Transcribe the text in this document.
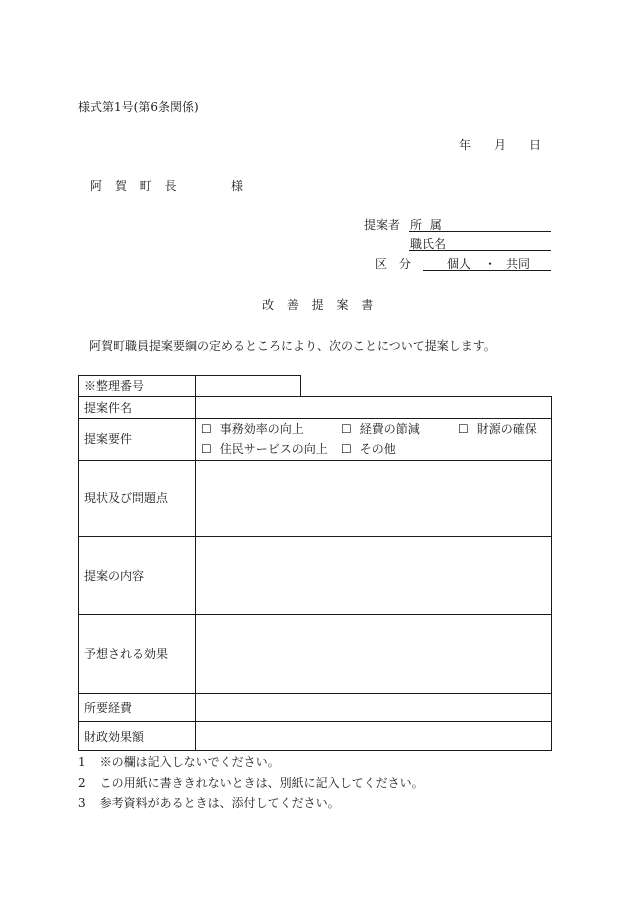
様式第1号(第6条関係)
年 月 日
阿 賀 町 長	様
提案者 所 属
職氏名
区 分	個人 ・ 共同
改 善 提 案 書
阿賀町職員提案要綱の定めるところにより、次のことについて提案します。
※整理番号
提案件名
提案要件
☐ 事務効率の向上	☐ 経費の節減	☐ 財源の確保
☐ 住民サービスの向上 ☐ その他
現状及び問題点
提案の内容
予想される効果
所要経費
財政効果額
1 ※の欄は記入しないでください。
2 この用紙に書ききれないときは、別紙に記入してください。
3 参考資料があるときは、添付してください。
